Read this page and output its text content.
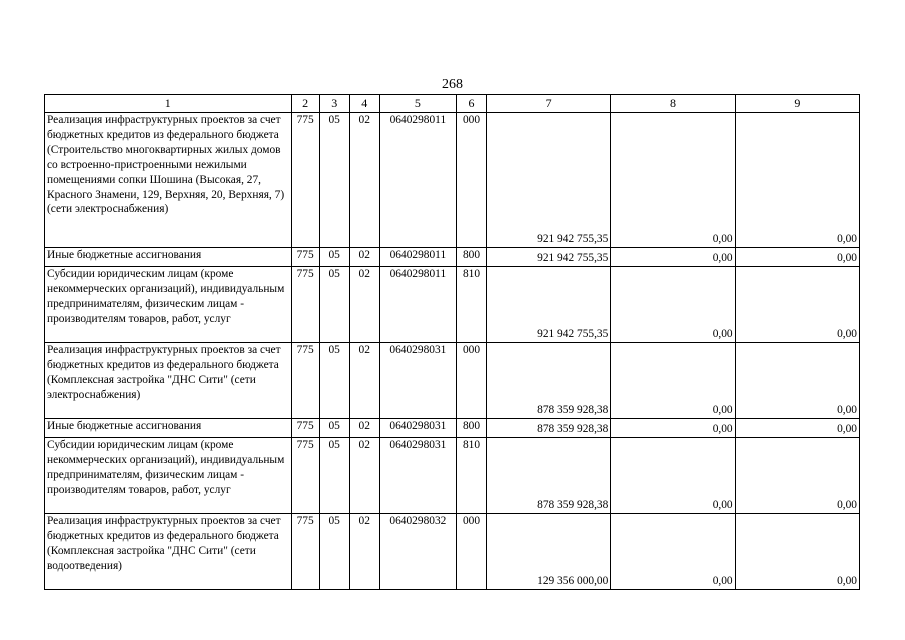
268
1	2	3	4	5	6	7	8	9
Реализация инфраструктурных проектов за счет бюджетных кредитов из федерального бюджета (Строительство многоквартирных жилых домов со встроенно-пристроенными нежилыми помещениями сопки Шошина (Высокая, 27, Красного Знамени, 129, Верхняя, 20, Верхняя, 7) (сети электроснабжения)	775	05	02	0640298011	000	921 942 755,35	0,00	0,00
Иные бюджетные ассигнования	775	05	02	0640298011	800	921 942 755,35	0,00	0,00
Субсидии юридическим лицам (кроме некоммерческих организаций), индивидуальным предпринимателям, физическим лицам - производителям товаров, работ, услуг	775	05	02	0640298011	810	921 942 755,35	0,00	0,00
Реализация инфраструктурных проектов за счет бюджетных кредитов из федерального бюджета (Комплексная застройка "ДНС Сити" (сети электроснабжения)	775	05	02	0640298031	000	878 359 928,38	0,00	0,00
Иные бюджетные ассигнования	775	05	02	0640298031	800	878 359 928,38	0,00	0,00
Субсидии юридическим лицам (кроме некоммерческих организаций), индивидуальным предпринимателям, физическим лицам - производителям товаров, работ, услуг	775	05	02	0640298031	810	878 359 928,38	0,00	0,00
Реализация инфраструктурных проектов за счет бюджетных кредитов из федерального бюджета (Комплексная застройка "ДНС Сити" (сети водоотведения)	775	05	02	0640298032	000	129 356 000,00	0,00	0,00
